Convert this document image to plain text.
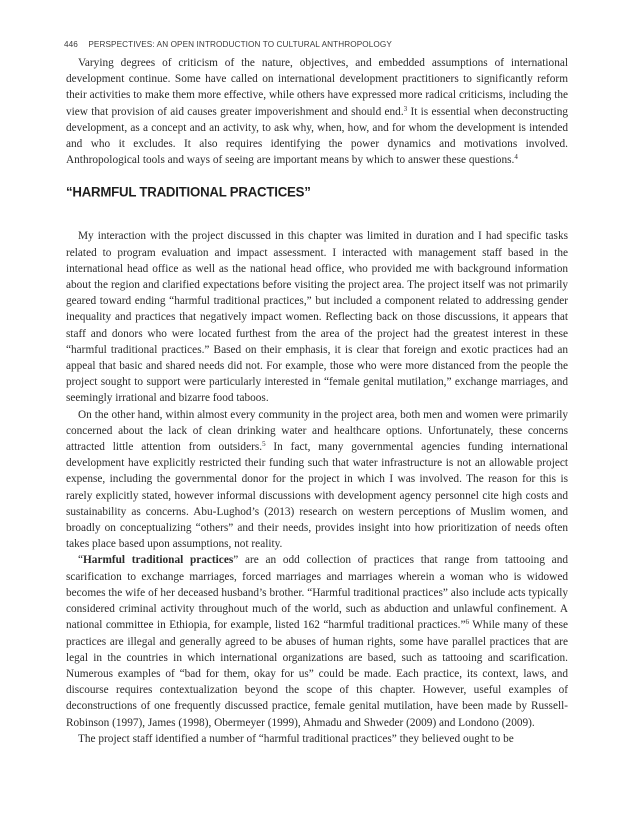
446 PERSPECTIVES: AN OPEN INTRODUCTION TO CULTURAL ANTHROPOLOGY

Varying degrees of criticism of the nature, objectives, and embedded assumptions of international development continue. Some have called on international development practitioners to significantly reform their activities to make them more effective, while others have expressed more radical criticisms, including the view that provision of aid causes greater impoverishment and should end.$^3$ It is essential when deconstructing development, as a concept and an activity, to ask why, when, how, and for whom the development is intended and who it excludes. It also requires identifying the power dynamics and motivations involved. Anthropological tools and ways of seeing are important means by which to answer these questions.$^4$

“HARMFUL TRADITIONAL PRACTICES”

My interaction with the project discussed in this chapter was limited in duration and I had specific tasks related to program evaluation and impact assessment. I interacted with management staff based in the international head office as well as the national head office, who provided me with background information about the region and clarified expectations before visiting the project area. The project itself was not primarily geared toward ending “harmful traditional practices,” but included a component related to addressing gender inequality and practices that negatively impact women. Reflecting back on those discussions, it appears that staff and donors who were located furthest from the area of the project had the greatest interest in these “harmful traditional practices.” Based on their emphasis, it is clear that foreign and exotic practices had an appeal that basic and shared needs did not. For example, those who were more distanced from the people the project sought to support were particularly interested in “female genital mutilation,” exchange marriages, and seemingly irrational and bizarre food taboos.

On the other hand, within almost every community in the project area, both men and women were primarily concerned about the lack of clean drinking water and healthcare options. Unfortunately, these concerns attracted little attention from outsiders.$^5$ In fact, many governmental agencies funding international development have explicitly restricted their funding such that water infrastructure is not an allowable project expense, including the governmental donor for the project in which I was involved. The reason for this is rarely explicitly stated, however informal discussions with development agency personnel cite high costs and sustainability as concerns. Abu-Lughod’s (2013) research on western perceptions of Muslim women, and broadly on conceptualizing “others” and their needs, provides insight into how prioritization of needs often takes place based upon assumptions, not reality.

“Harmful traditional practices” are an odd collection of practices that range from tattooing and scarification to exchange marriages, forced marriages and marriages wherein a woman who is widowed becomes the wife of her deceased husband’s brother. “Harmful traditional practices” also include acts typically considered criminal activity throughout much of the world, such as abduction and unlawful confinement. A national committee in Ethiopia, for example, listed 162 “harmful traditional practices.”$^6$ While many of these practices are illegal and generally agreed to be abuses of human rights, some have parallel practices that are legal in the countries in which international organizations are based, such as tattooing and scarification. Numerous examples of “bad for them, okay for us” could be made. Each practice, its context, laws, and discourse requires contextualization beyond the scope of this chapter. However, useful examples of deconstructions of one frequently discussed practice, female genital mutilation, have been made by Russell-Robinson (1997), James (1998), Obermeyer (1999), Ahmadu and Shweder (2009) and Londono (2009).

The project staff identified a number of “harmful traditional practices” they believed ought to be
